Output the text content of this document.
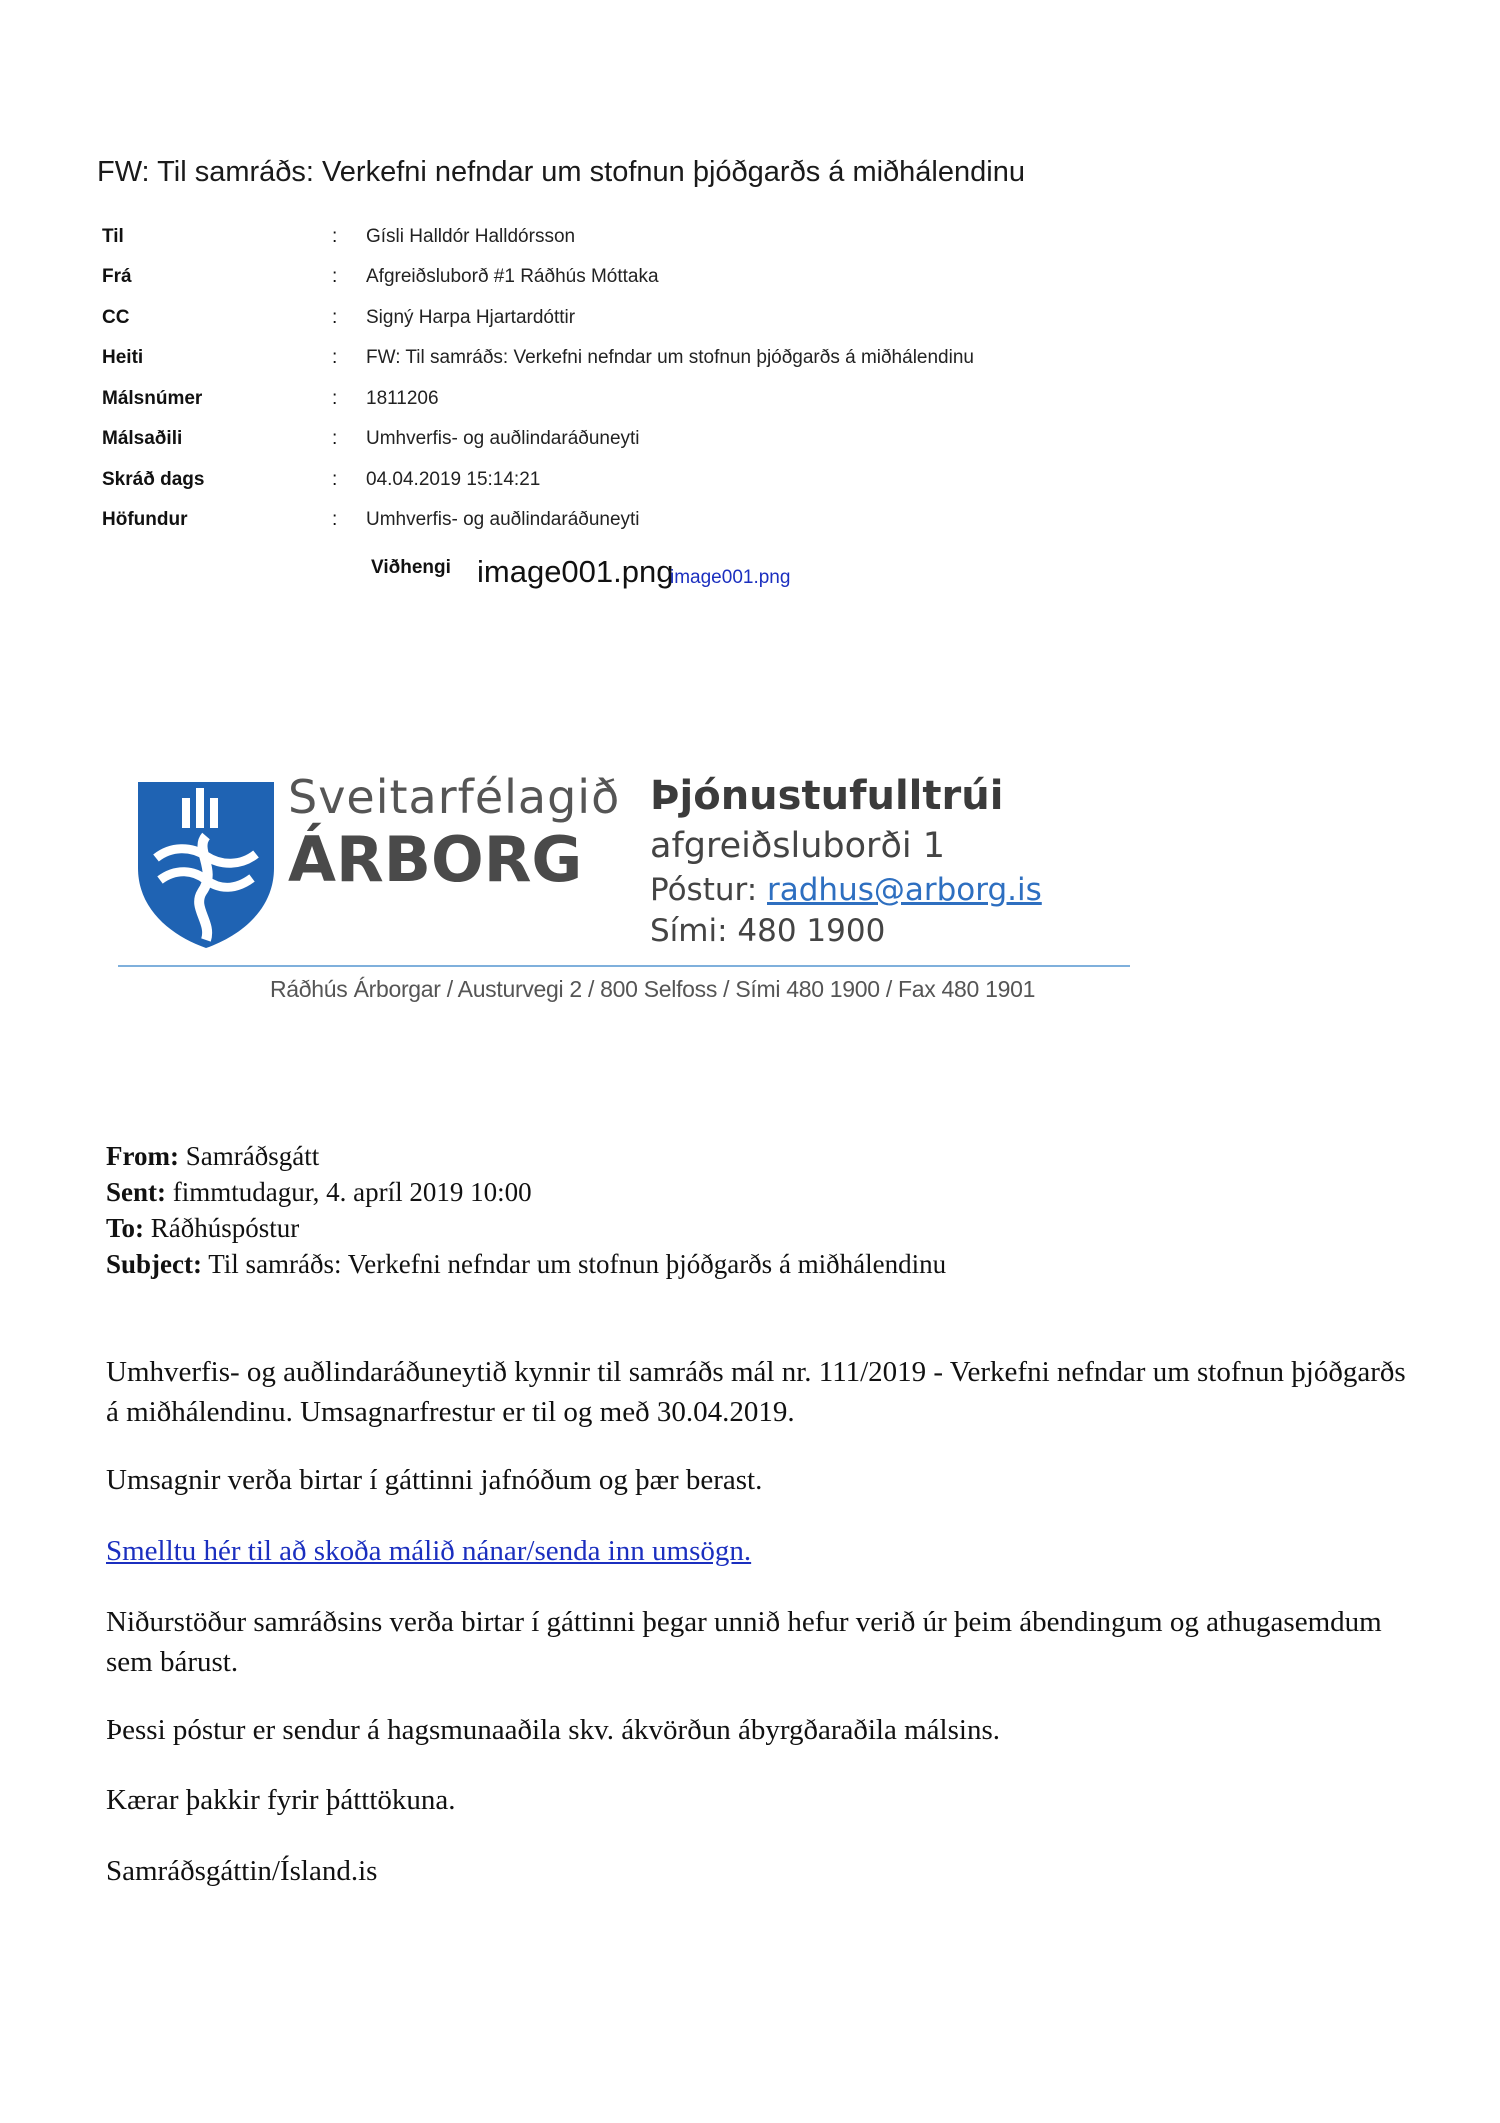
FW: Til samráðs: Verkefni nefndar um stofnun þjóðgarðs á miðhálendinu
Til	: Gísli Halldór Halldórsson
Frá	: Afgreiðsluborð #1 Ráðhús Móttaka
CC	: Signý Harpa Hjartardóttir
Heiti	: FW: Til samráðs: Verkefni nefndar um stofnun þjóðgarðs á miðhálendinu
Málsnúmer	: 1811206
Málsaðili	: Umhverfis- og auðlindaráðuneyti
Skráð dags	: 04.04.2019 15:14:21
Höfundur	: Umhverfis- og auðlindaráðuneyti
Viðhengi image001.png
image001.png
Sveitarfélagið
ÁRBORG
Þjónustufulltrúi
afgreiðsluborði 1
Póstur: radhus@arborg.is
Sími: 480 1900
Ráðhús Árborgar / Austurvegi 2 / 800 Selfoss / Sími 480 1900 / Fax 480 1901
From: Samráðsgátt
Sent: fimmtudagur, 4. apríl 2019 10:00
To: Ráðhúspóstur
Subject: Til samráðs: Verkefni nefndar um stofnun þjóðgarðs á miðhálendinu
Umhverfis- og auðlindaráðuneytið kynnir til samráðs mál nr. 111/2019 - Verkefni nefndar um stofnun þjóðgarðs á miðhálendinu. Umsagnarfrestur er til og með 30.04.2019.
Umsagnir verða birtar í gáttinni jafnóðum og þær berast.
Smelltu hér til að skoða málið nánar/senda inn umsögn.
Niðurstöður samráðsins verða birtar í gáttinni þegar unnið hefur verið úr þeim ábendingum og athugasemdum sem bárust.
Þessi póstur er sendur á hagsmunaaðila skv. ákvörðun ábyrgðaraðila málsins.
Kærar þakkir fyrir þátttökuna.
Samráðsgáttin/Ísland.is
